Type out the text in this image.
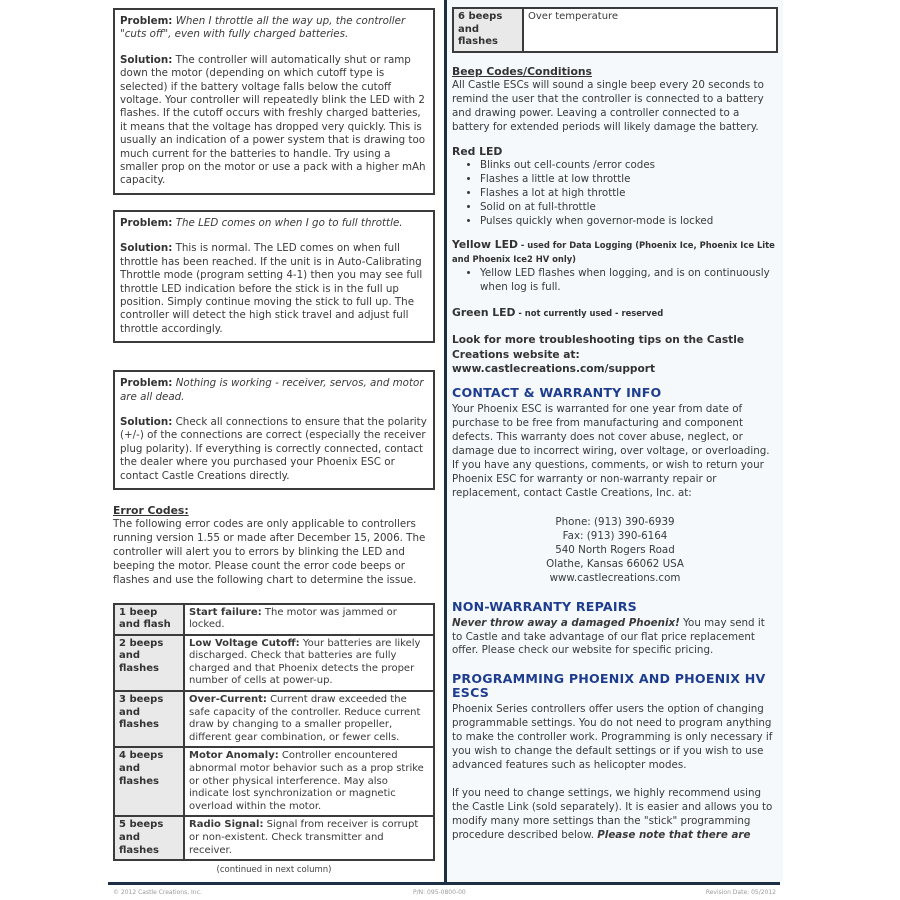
Problem: When I throttle all the way up, the controller "cuts off", even with fully charged batteries.

Solution: The controller will automatically shut or ramp down the motor (depending on which cutoff type is selected) if the battery voltage falls below the cutoff voltage. Your controller will repeatedly blink the LED with 2 flashes. If the cutoff occurs with freshly charged batteries, it means that the voltage has dropped very quickly. This is usually an indication of a power system that is drawing too much current for the batteries to handle. Try using a smaller prop on the motor or use a pack with a higher mAh capacity.

Problem: The LED comes on when I go to full throttle.

Solution: This is normal. The LED comes on when full throttle has been reached. If the unit is in Auto-Calibrating Throttle mode (program setting 4-1) then you may see full throttle LED indication before the stick is in the full up position. Simply continue moving the stick to full up. The controller will detect the high stick travel and adjust full throttle accordingly.

Problem: Nothing is working - receiver, servos, and motor are all dead.

Solution: Check all connections to ensure that the polarity (+/-) of the connections are correct (especially the receiver plug polarity). If everything is correctly connected, contact the dealer where you purchased your Phoenix ESC or contact Castle Creations directly.

Error Codes:

The following error codes are only applicable to controllers running version 1.55 or made after December 15, 2006. The controller will alert you to errors by blinking the LED and beeping the motor. Please count the error code beeps or flashes and use the following chart to determine the issue.

1 beep and flash	Start failure: The motor was jammed or locked.
2 beeps and flashes	Low Voltage Cutoff: Your batteries are likely discharged. Check that batteries are fully charged and that Phoenix detects the proper number of cells at power-up.
3 beeps and flashes	Over-Current: Current draw exceeded the safe capacity of the controller. Reduce current draw by changing to a smaller propeller, different gear combination, or fewer cells.
4 beeps and flashes	Motor Anomaly: Controller encountered abnormal motor behavior such as a prop strike or other physical interference. May also indicate lost synchronization or magnetic overload within the motor.
5 beeps and flashes	Radio Signal: Signal from receiver is corrupt or non-existent. Check transmitter and receiver.
(continued in next column)
6 beeps and flashes	Over temperature

Beep Codes/Conditions

All Castle ESCs will sound a single beep every 20 seconds to remind the user that the controller is connected to a battery and drawing power. Leaving a controller connected to a battery for extended periods will likely damage the battery.

Red LED

• Blinks out cell-counts /error codes
• Flashes a little at low throttle
• Flashes a lot at high throttle
• Solid on at full-throttle
• Pulses quickly when governor-mode is locked

Yellow LED - used for Data Logging (Phoenix Ice, Phoenix Ice Lite and Phoenix Ice2 HV only)

• Yellow LED flashes when logging, and is on continuously when log is full.

Green LED - not currently used - reserved

Look for more troubleshooting tips on the Castle Creations website at:

www.castlecreations.com/support

CONTACT & WARRANTY INFO

Your Phoenix ESC is warranted for one year from date of purchase to be free from manufacturing and component defects. This warranty does not cover abuse, neglect, or damage due to incorrect wiring, over voltage, or overloading. If you have any questions, comments, or wish to return your Phoenix ESC for warranty or non-warranty repair or replacement, contact Castle Creations, Inc. at:

Phone: (913) 390-6939
Fax: (913) 390-6164
540 North Rogers Road
Olathe, Kansas 66062 USA
www.castlecreations.com

NON-WARRANTY REPAIRS

Never throw away a damaged Phoenix! You may send it to Castle and take advantage of our flat price replacement offer. Please check our website for specific pricing.

PROGRAMMING PHOENIX AND PHOENIX HV ESCS

Phoenix Series controllers offer users the option of changing programmable settings. You do not need to program anything to make the controller work. Programming is only necessary if you wish to change the default settings or if you wish to use advanced features such as helicopter modes.

If you need to change settings, we highly recommend using the Castle Link (sold separately). It is easier and allows you to modify many more settings than the "stick" programming procedure described below. Please note that there are

© 2012 Castle Creations, Inc.	P/N: 095-0800-00	Revision Date: 05/2012
